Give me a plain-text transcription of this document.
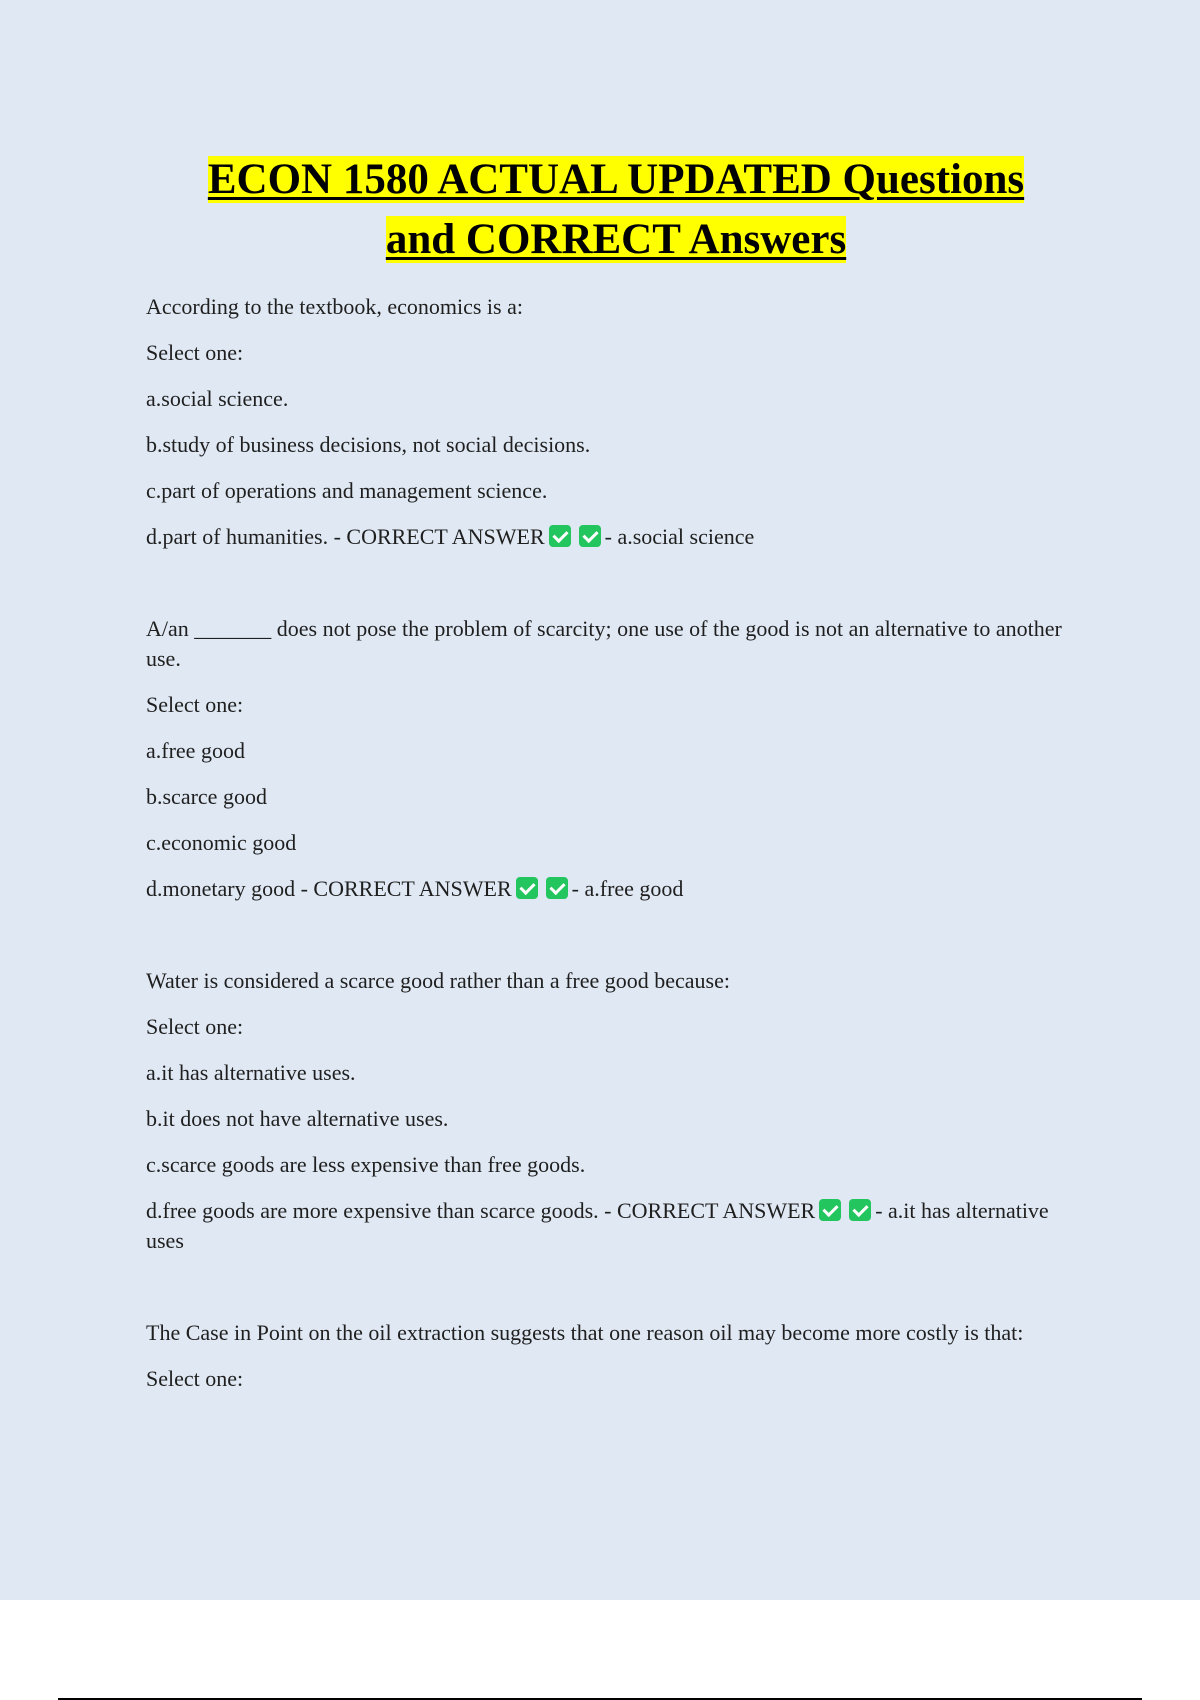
ECON 1580 ACTUAL UPDATED Questions
and CORRECT Answers

According to the textbook, economics is a:

Select one:

a.social science.

b.study of business decisions, not social decisions.

c.part of operations and management science.

d.part of humanities. - CORRECT ANSWER	- a.social science

A/an _______ does not pose the problem of scarcity; one use of the good is not an alternative to another use.

Select one:

a.free good

b.scarce good

c.economic good

d.monetary good - CORRECT ANSWER	- a.free good

Water is considered a scarce good rather than a free good because:

Select one:

a.it has alternative uses.

b.it does not have alternative uses.

c.scarce goods are less expensive than free goods.

d.free goods are more expensive than scarce goods. - CORRECT ANSWER	- a.it has alternative uses

The Case in Point on the oil extraction suggests that one reason oil may become more costly is that:

Select one:
